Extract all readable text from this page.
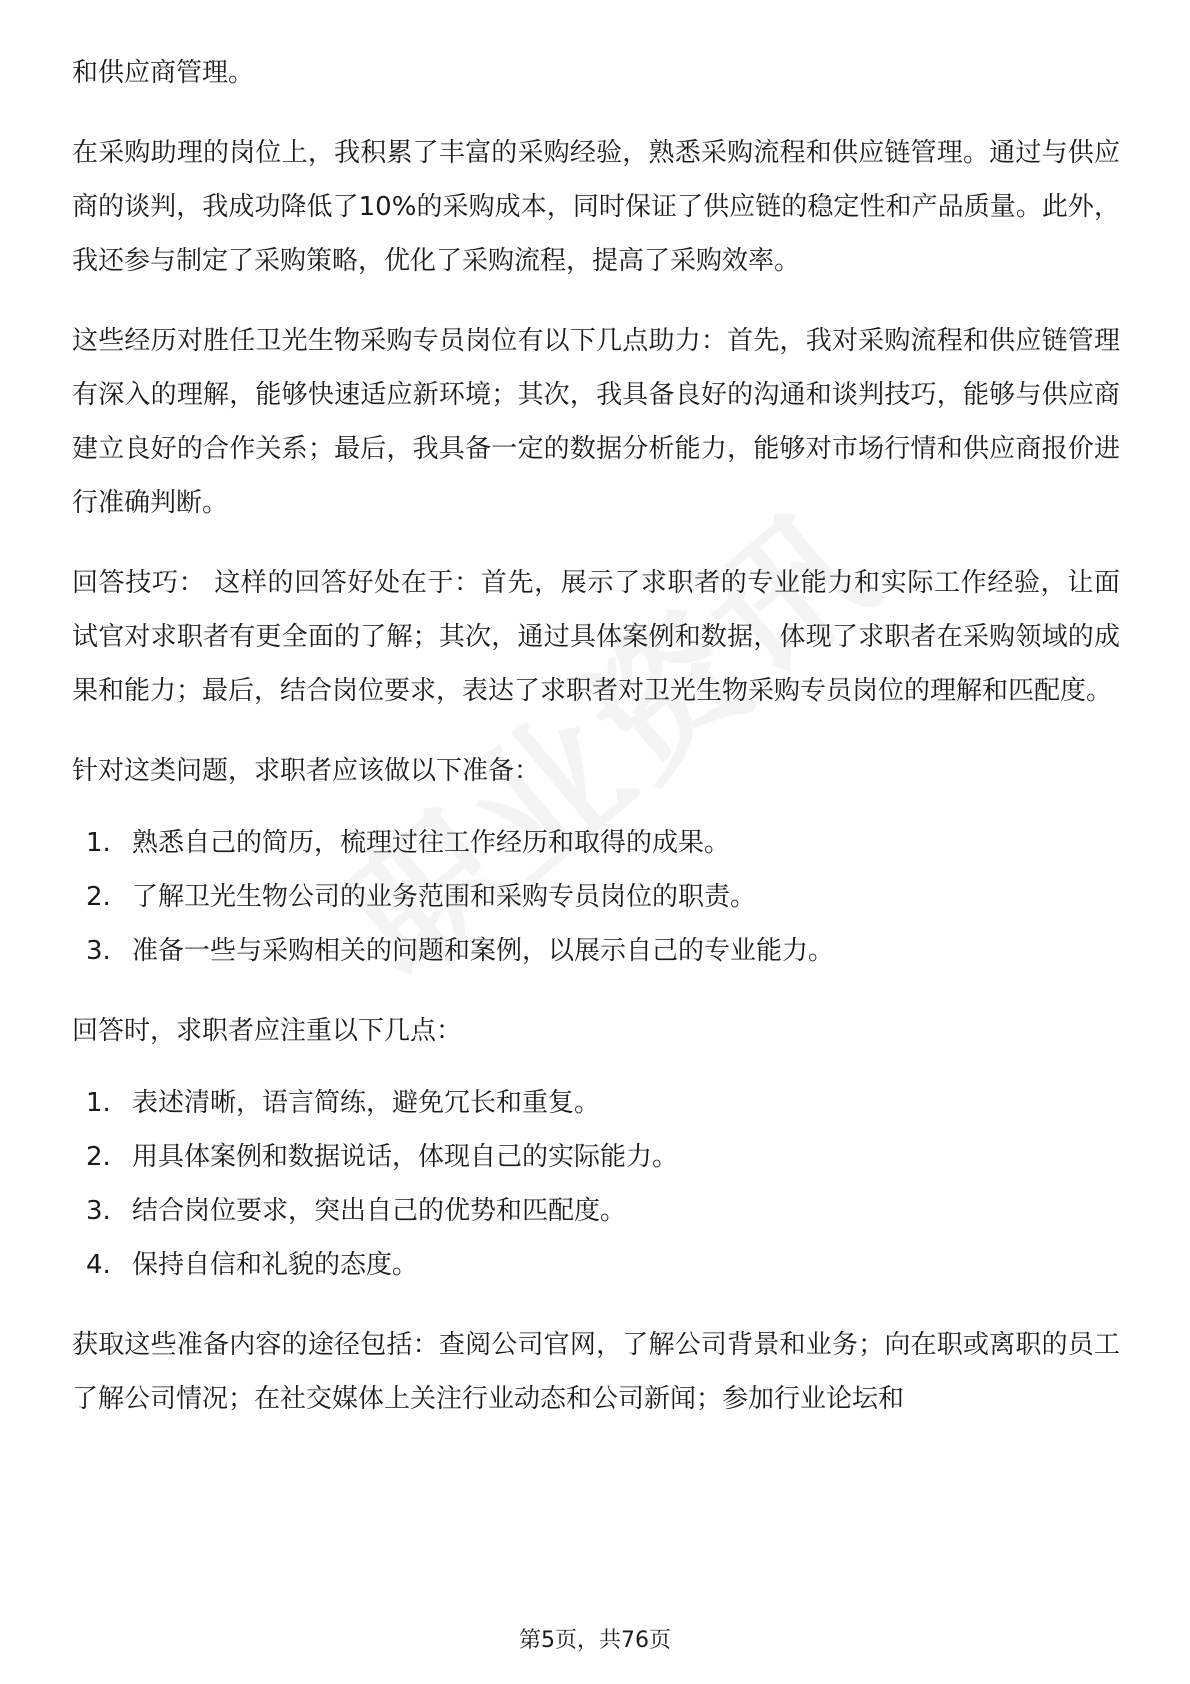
和供应商管理。

在采购助理的岗位上，我积累了丰富的采购经验，熟悉采购流程和供应链管理。通过与供应商的谈判，我成功降低了10%的采购成本，同时保证了供应链的稳定性和产品质量。此外，我还参与制定了采购策略，优化了采购流程，提高了采购效率。

这些经历对胜任卫光生物采购专员岗位有以下几点助力：首先，我对采购流程和供应链管理有深入的理解，能够快速适应新环境；其次，我具备良好的沟通和谈判技巧，能够与供应商建立良好的合作关系；最后，我具备一定的数据分析能力，能够对市场行情和供应商报价进行准确判断。

回答技巧： 这样的回答好处在于：首先，展示了求职者的专业能力和实际工作经验，让面试官对求职者有更全面的了解；其次，通过具体案例和数据，体现了求职者在采购领域的成果和能力；最后，结合岗位要求，表达了求职者对卫光生物采购专员岗位的理解和匹配度。

针对这类问题，求职者应该做以下准备：

1. 熟悉自己的简历，梳理过往工作经历和取得的成果。
2. 了解卫光生物公司的业务范围和采购专员岗位的职责。
3. 准备一些与采购相关的问题和案例，以展示自己的专业能力。

回答时，求职者应注重以下几点：

1. 表述清晰，语言简练，避免冗长和重复。
2. 用具体案例和数据说话，体现自己的实际能力。
3. 结合岗位要求，突出自己的优势和匹配度。
4. 保持自信和礼貌的态度。

获取这些准备内容的途径包括：查阅公司官网，了解公司背景和业务；向在职或离职的员工了解公司情况；在社交媒体上关注行业动态和公司新闻；参加行业论坛和

第5页，共76页
